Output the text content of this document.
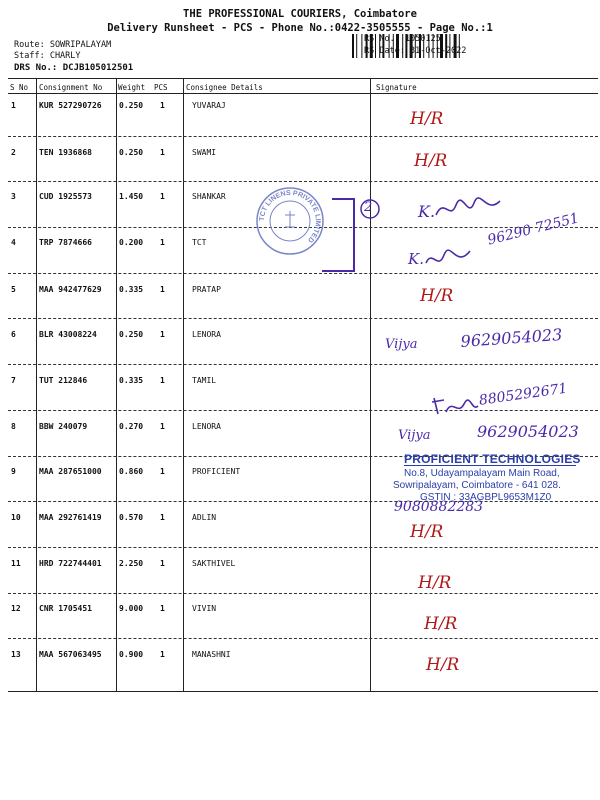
THE PROFESSIONAL COURIERS, Coimbatore
Delivery Runsheet - PCS - Phone No.:0422-3505555 - Page No.:1
Route: SOWRIPALAYAM
Staff: CHARLY
DRS No.: DCJB105012501
RS No.: 1050125
RS Date: 31-Oct-2022
S No Consignment No Weight PCS Consignee Details	Signature
1	KUR 527290726 0.250 1	YUVARAJ
2	TEN 1936868	0.250 1	SWAMI
3	CUD 1925573	1.450 1	SHANKAR
4	TRP 7874666	0.200 1	TCT
5	MAA 942477629 0.335 1	PRATAP
6	BLR 43008224	0.250 1	LENORA
7	TUT 212846	0.335 1	TAMIL
8	BBW 240079	0.270 1	LENORA
9	MAA 287651000 0.860 1	PROFICIENT
10 MAA 292761419 0.570 1	ADLIN
11 HRD 722744401 2.250 1	SAKTHIVEL
12 CNR 1705451	9.000 1	VIVIN
13 MAA 567063495 0.900 1	MANASHNI
TCT LINENS PRIVATE LIMITED
2
H/R
H/R
K.
K.
96290 72551
H/R
Vijya	9629054023
8805292671
Vijya	9629054023
PROFICIENT TECHNOLOGIES
No.8, Udayampalayam Main Road,
Sowripalayam, Coimbatore - 641 028.
GSTIN : 33AGBPL9653M1Z0
9080882283
H/R
H/R
H/R
H/R
